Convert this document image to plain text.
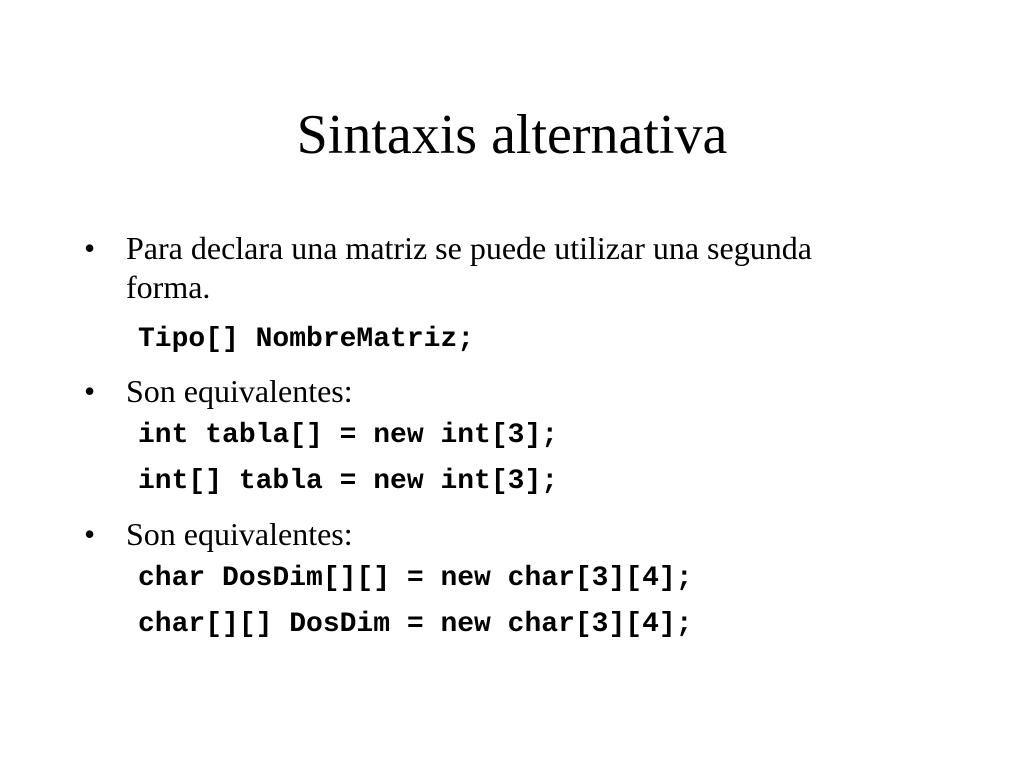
Sintaxis alternativa
• Para declara una matriz se puede utilizar una segunda forma.
Tipo[] NombreMatriz;
• Son equivalentes:
int tabla[] = new int[3];
int[] tabla = new int[3];
• Son equivalentes:
char DosDim[][] = new char[3][4];
char[][] DosDim = new char[3][4];
